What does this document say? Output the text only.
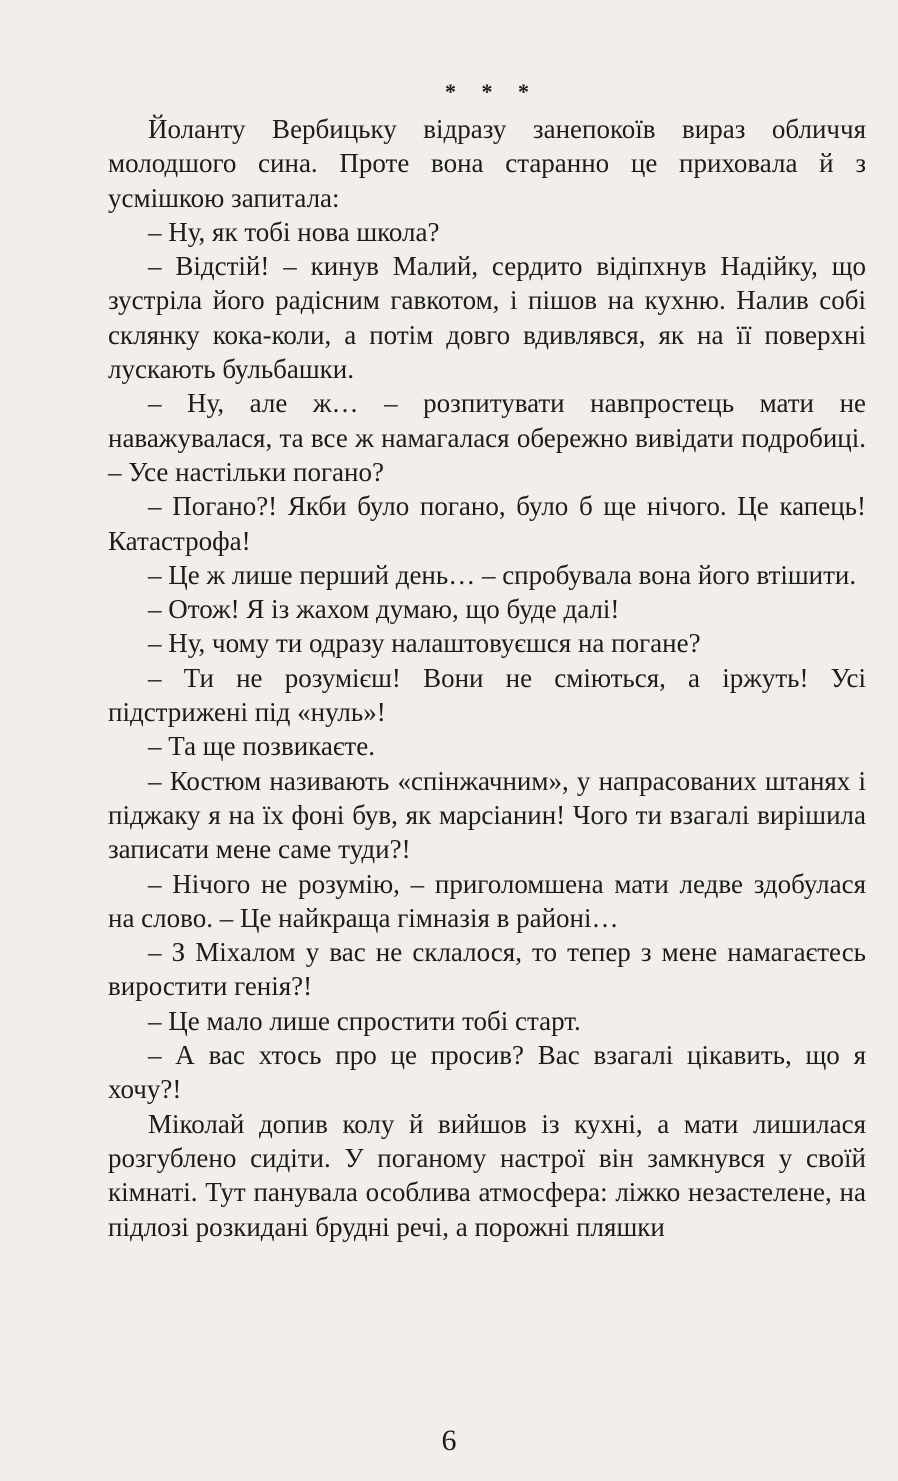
* * *

Йоланту Вербицьку відразу занепокоїв вираз обличчя молодшого сина. Проте вона старанно це приховала й з усмішкою запитала:

– Ну, як тобі нова школа?

– Відстій! – кинув Малий, сердито відіпхнув Надійку, що зустріла його радісним гавкотом, і пішов на кухню. Налив собі склянку кока-коли, а потім довго вдивлявся, як на її поверхні лускають бульбашки.

– Ну, але ж… – розпитувати навпростець мати не наважувалася, та все ж намагалася обережно вивідати подробиці. – Усе настільки погано?

– Погано?! Якби було погано, було б ще нічого. Це капець! Катастрофа!

– Це ж лише перший день… – спробувала вона його втішити.

– Отож! Я із жахом думаю, що буде далі!

– Ну, чому ти одразу налаштовуєшся на погане?

– Ти не розумієш! Вони не сміються, а іржуть! Усі підстрижені під «нуль»!

– Та ще позвикаєте.

– Костюм називають «спінжачним», у напрасованих штанях і піджаку я на їх фоні був, як марсіанин! Чого ти взагалі вирішила записати мене саме туди?!

– Нічого не розумію, – приголомшена мати ледве здобулася на слово. – Це найкраща гімназія в районі…

– З Міхалом у вас не склалося, то тепер з мене намагаєтесь виростити генія?!

– Це мало лише спростити тобі старт.

– А вас хтось про це просив? Вас взагалі цікавить, що я хочу?!

Міколай допив колу й вийшов із кухні, а мати лишилася розгублено сидіти. У поганому настрої він замкнувся у своїй кімнаті. Тут панувала особлива атмосфера: ліжко незастелене, на підлозі розкидані брудні речі, а порожні пляшки

6
